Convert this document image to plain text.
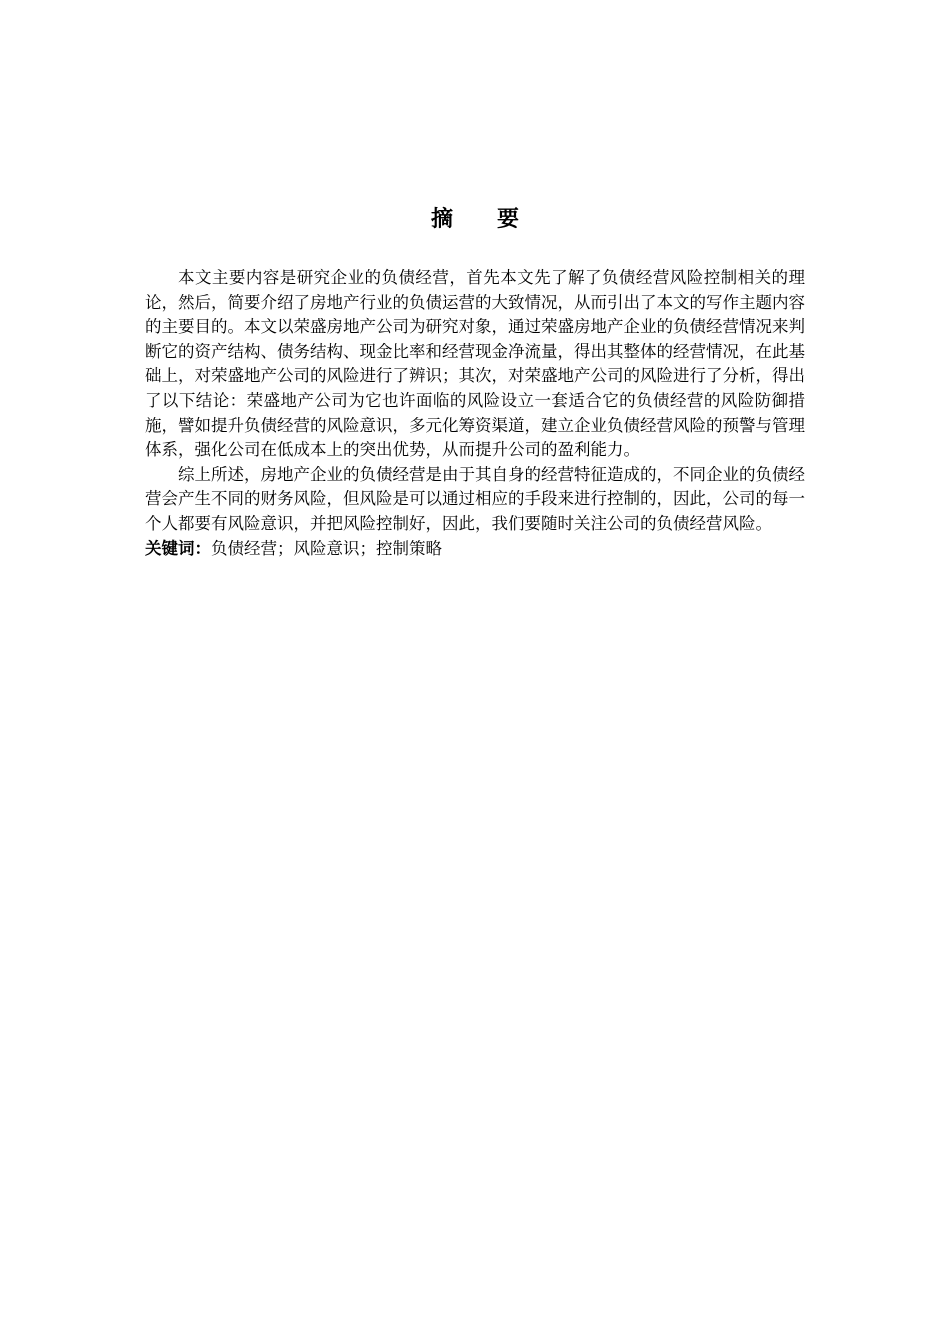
摘 要

本文主要内容是研究企业的负债经营，首先本文先了解了负债经营风险控制相关的理论，然后，简要介绍了房地产行业的负债运营的大致情况，从而引出了本文的写作主题内容的主要目的。本文以荣盛房地产公司为研究对象，通过荣盛房地产企业的负债经营情况来判断它的资产结构、债务结构、现金比率和经营现金净流量，得出其整体的经营情况，在此基础上，对荣盛地产公司的风险进行了辨识；其次，对荣盛地产公司的风险进行了分析，得出了以下结论：荣盛地产公司为它也许面临的风险设立一套适合它的负债经营的风险防御措施，譬如提升负债经营的风险意识，多元化筹资渠道，建立企业负债经营风险的预警与管理体系，强化公司在低成本上的突出优势，从而提升公司的盈利能力。

综上所述，房地产企业的负债经营是由于其自身的经营特征造成的，不同企业的负债经营会产生不同的财务风险，但风险是可以通过相应的手段来进行控制的，因此，公司的每一个人都要有风险意识，并把风险控制好，因此，我们要随时关注公司的负债经营风险。

关键词：负债经营；风险意识；控制策略
